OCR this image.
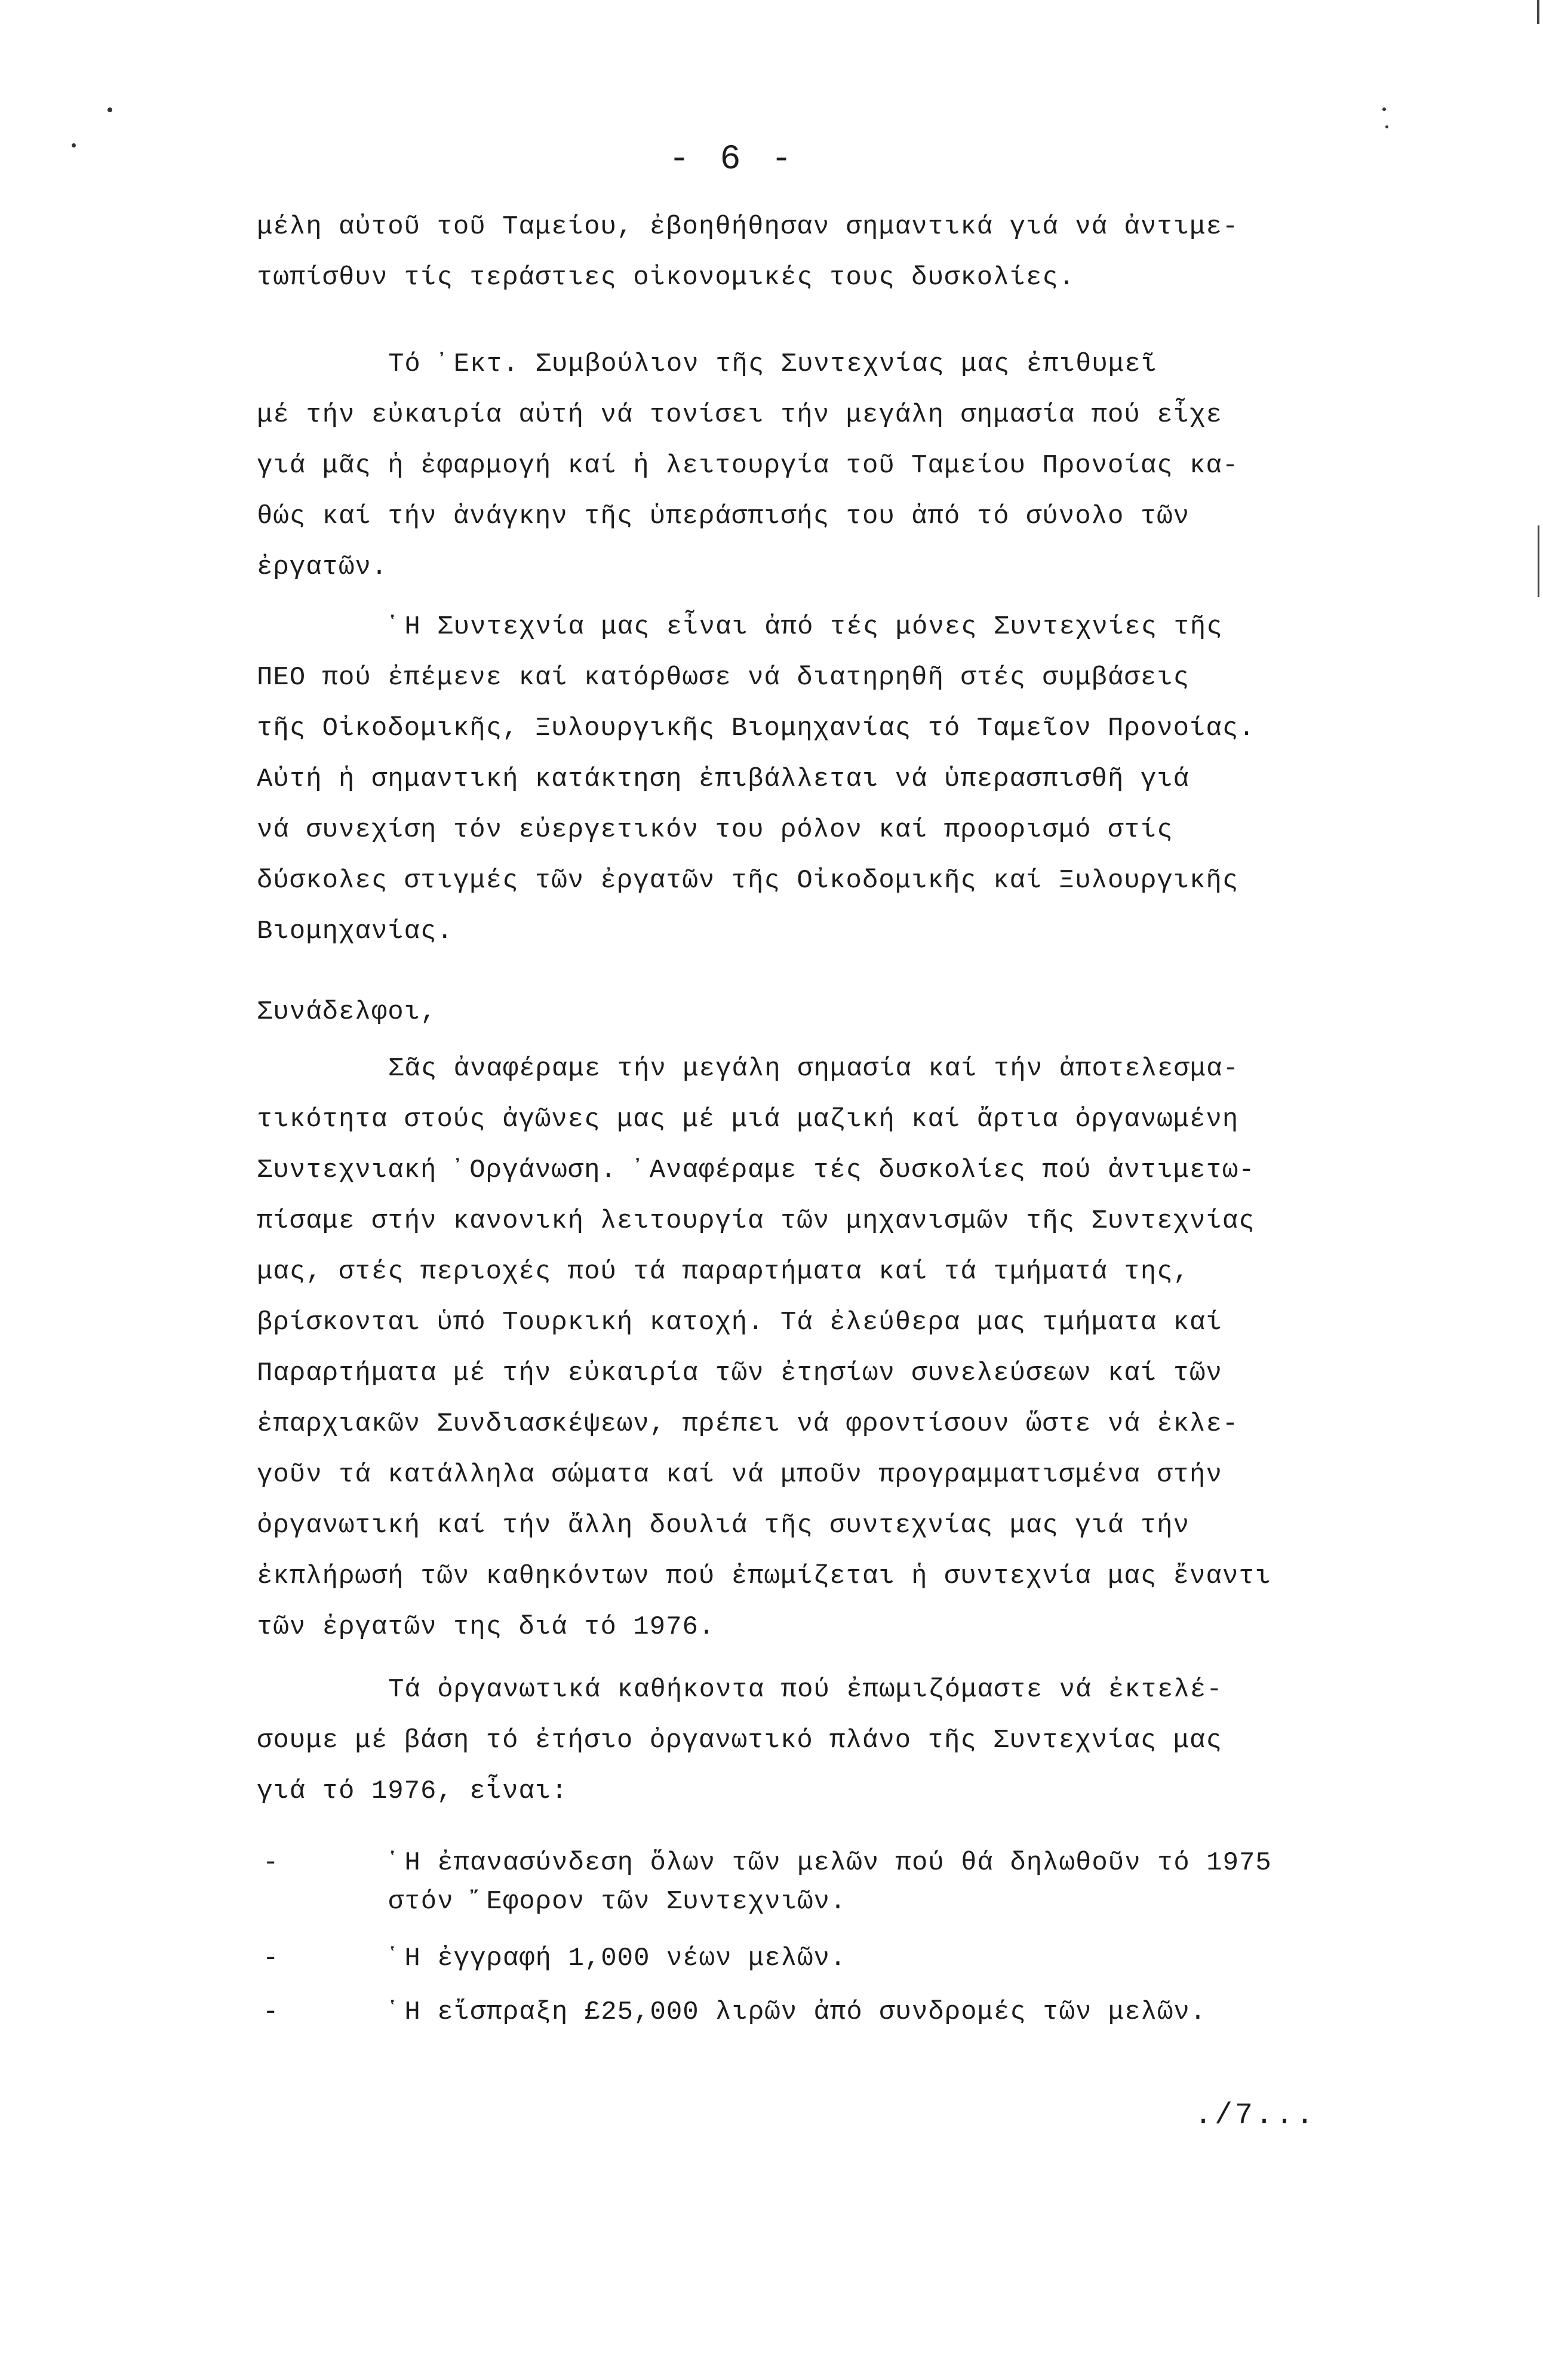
- 6 -
μέλη αὐτοῦ τοῦ Ταμείου, ἐβοηθήθησαν σημαντικά γιά νά ἀντιμε-
τωπίσθυν τίς τεράστιες οἰκονομικές τους δυσκολίες.
Τό ᾽Εκτ. Συμβούλιον τῆς Συντεχνίας μας ἐπιθυμεῖ
μέ τήν εὐκαιρία αὐτή νά τονίσει τήν μεγάλη σημασία πού εἶχε
γιά μᾶς ἡ ἐφαρμογή καί ἡ λειτουργία τοῦ Ταμείου Προνοίας κα-
θώς καί τήν ἀνάγκην τῆς ὑπεράσπισής του ἀπό τό σύνολο τῶν
ἐργατῶν.
῾Η Συντεχνία μας εἶναι ἀπό τές μόνες Συντεχνίες τῆς
ΠΕΟ πού ἐπέμενε καί κατόρθωσε νά διατηρηθῆ στές συμβάσεις
τῆς Οἰκοδομικῆς, Ξυλουργικῆς Βιομηχανίας τό Ταμεῖον Προνοίας.
Αὐτή ἡ σημαντική κατάκτηση ἐπιβάλλεται νά ὑπερασπισθῆ γιά
νά συνεχίση τόν εὐεργετικόν του ρόλον καί προορισμό στίς
δύσκολες στιγμές τῶν ἐργατῶν τῆς Οἰκοδομικῆς καί Ξυλουργικῆς
Βιομηχανίας.
Συνάδελφοι,
Σᾶς ἀναφέραμε τήν μεγάλη σημασία καί τήν ἀποτελεσμα-
τικότητα στούς ἀγῶνες μας μέ μιά μαζική καί ἄρτια ὀργανωμένη
Συντεχνιακή ᾽Οργάνωση. ᾽Αναφέραμε τές δυσκολίες πού ἀντιμετω-
πίσαμε στήν κανονική λειτουργία τῶν μηχανισμῶν τῆς Συντεχνίας
μας, στές περιοχές πού τά παραρτήματα καί τά τμήματά της,
βρίσκονται ὑπό Τουρκική κατοχή. Τά ἐλεύθερα μας τμήματα καί
Παραρτήματα μέ τήν εὐκαιρία τῶν ἐτησίων συνελεύσεων καί τῶν
ἐπαρχιακῶν Συνδιασκέψεων, πρέπει νά φροντίσουν ὥστε νά ἐκλε-
γοῦν τά κατάλληλα σώματα καί νά μποῦν προγραμματισμένα στήν
ὀργανωτική καί τήν ἄλλη δουλιά τῆς συντεχνίας μας γιά τήν
ἐκπλήρωσή τῶν καθηκόντων πού ἐπωμίζεται ἡ συντεχνία μας ἔναντι
τῶν ἐργατῶν της διά τό 1976.
Τά ὀργανωτικά καθήκοντα πού ἐπωμιζόμαστε νά ἐκτελέ-
σουμε μέ βάση τό ἐτήσιο ὀργανωτικό πλάνο τῆς Συντεχνίας μας
γιά τό 1976, εἶναι:
-	῾Η ἐπανασύνδεση ὅλων τῶν μελῶν πού θά δηλωθοῦν τό 1975
στόν ῎Εφορον τῶν Συντεχνιῶν.
-	῾Η ἐγγραφή 1,000 νέων μελῶν.
-	῾Η εἴσπραξη £25,000 λιρῶν ἀπό συνδρομές τῶν μελῶν.
./7...
